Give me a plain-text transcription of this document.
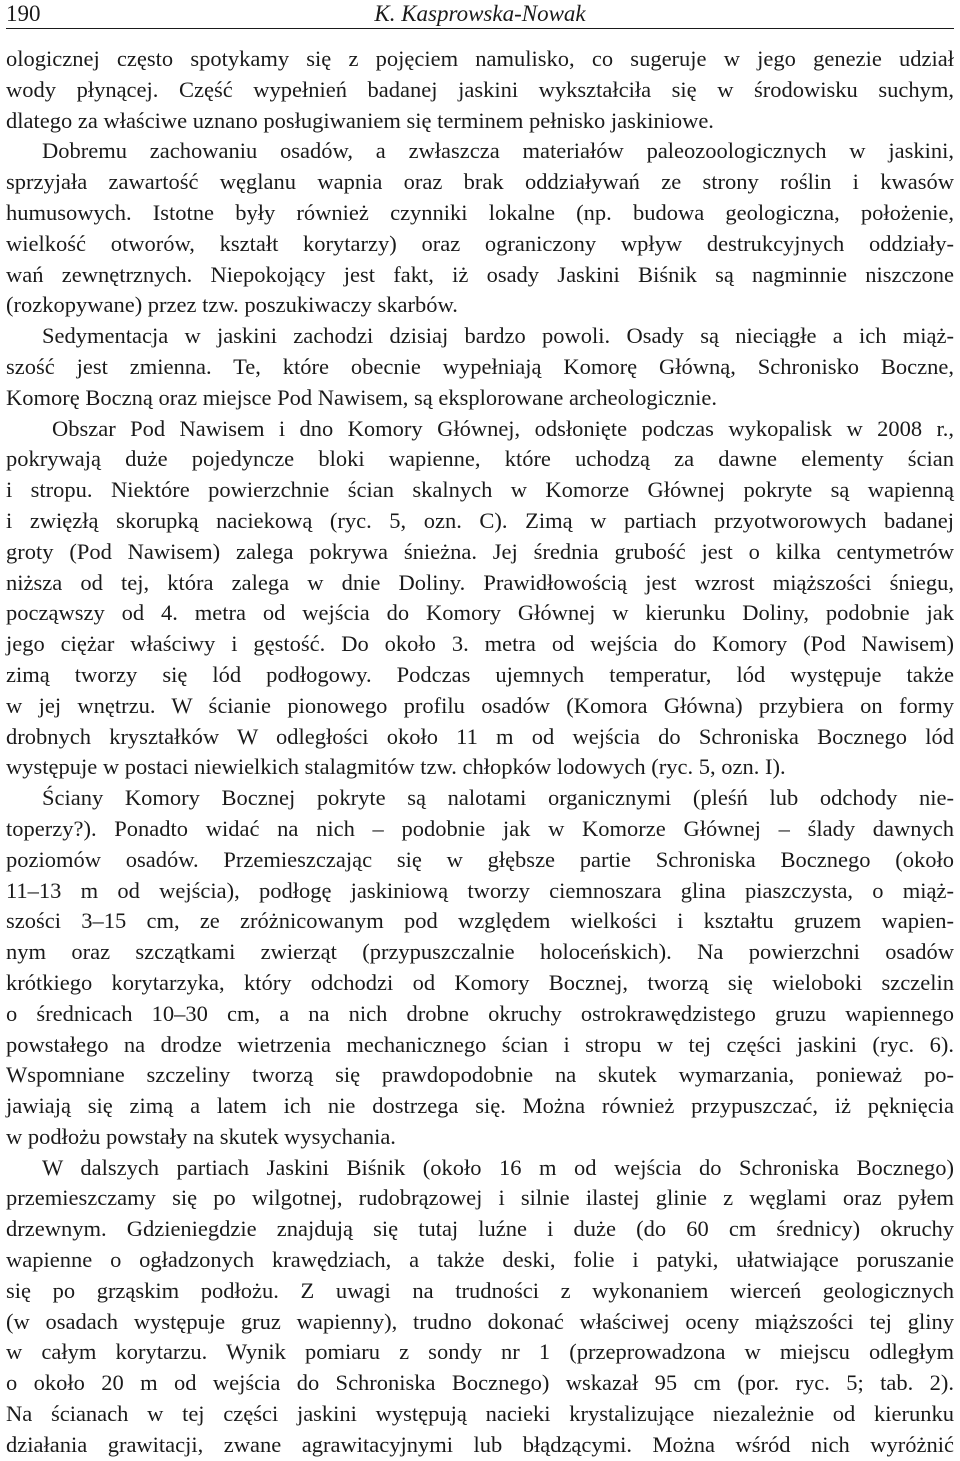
190	K. Kasprowska-Nowak
ologicznej często spotykamy się z pojęciem namulisko, co sugeruje w jego genezie udział
wody płynącej. Część wypełnień badanej jaskini wykształciła się w środowisku suchym,
dlatego za właściwe uznano posługiwaniem się terminem pełnisko jaskiniowe.
Dobremu zachowaniu osadów, a zwłaszcza materiałów paleozoologicznych w jaskini,
sprzyjała zawartość węglanu wapnia oraz brak oddziaływań ze strony roślin i kwasów
humusowych. Istotne były również czynniki lokalne (np. budowa geologiczna, położenie,
wielkość otworów, kształt korytarzy) oraz ograniczony wpływ destrukcyjnych oddziały-
wań zewnętrznych. Niepokojący jest fakt, iż osady Jaskini Biśnik są nagminnie niszczone
(rozkopywane) przez tzw. poszukiwaczy skarbów.
Sedymentacja w jaskini zachodzi dzisiaj bardzo powoli. Osady są nieciągłe a ich miąż-
szość jest zmienna. Te, które obecnie wypełniają Komorę Główną, Schronisko Boczne,
Komorę Boczną oraz miejsce Pod Nawisem, są eksplorowane archeologicznie.
Obszar Pod Nawisem i dno Komory Głównej, odsłonięte podczas wykopalisk w 2008 r.,
pokrywają duże pojedyncze bloki wapienne, które uchodzą za dawne elementy ścian
i stropu. Niektóre powierzchnie ścian skalnych w Komorze Głównej pokryte są wapienną
i zwięzłą skorupką naciekową (ryc. 5, ozn. C). Zimą w partiach przyotworowych badanej
groty (Pod Nawisem) zalega pokrywa śnieżna. Jej średnia grubość jest o kilka centymetrów
niższa od tej, która zalega w dnie Doliny. Prawidłowością jest wzrost miąższości śniegu,
począwszy od 4. metra od wejścia do Komory Głównej w kierunku Doliny, podobnie jak
jego ciężar właściwy i gęstość. Do około 3. metra od wejścia do Komory (Pod Nawisem)
zimą tworzy się lód podłogowy. Podczas ujemnych temperatur, lód występuje także
w jej wnętrzu. W ścianie pionowego profilu osadów (Komora Główna) przybiera on formy
drobnych kryształków W odległości około 11 m od wejścia do Schroniska Bocznego lód
występuje w postaci niewielkich stalagmitów tzw. chłopków lodowych (ryc. 5, ozn. I).
Ściany Komory Bocznej pokryte są nalotami organicznymi (pleśń lub odchody nie-
toperzy?). Ponadto widać na nich – podobnie jak w Komorze Głównej – ślady dawnych
poziomów osadów. Przemieszczając się w głębsze partie Schroniska Bocznego (około
11–13 m od wejścia), podłogę jaskiniową tworzy ciemnoszara glina piaszczysta, o miąż-
szości 3–15 cm, ze zróżnicowanym pod względem wielkości i kształtu gruzem wapien-
nym oraz szczątkami zwierząt (przypuszczalnie holoceńskich). Na powierzchni osadów
krótkiego korytarzyka, który odchodzi od Komory Bocznej, tworzą się wieloboki szczelin
o średnicach 10–30 cm, a na nich drobne okruchy ostrokrawędzistego gruzu wapiennego
powstałego na drodze wietrzenia mechanicznego ścian i stropu w tej części jaskini (ryc. 6).
Wspomniane szczeliny tworzą się prawdopodobnie na skutek wymarzania, ponieważ po-
jawiają się zimą a latem ich nie dostrzega się. Można również przypuszczać, iż pęknięcia
w podłożu powstały na skutek wysychania.
W dalszych partiach Jaskini Biśnik (około 16 m od wejścia do Schroniska Bocznego)
przemieszczamy się po wilgotnej, rudobrązowej i silnie ilastej glinie z węglami oraz pyłem
drzewnym. Gdzieniegdzie znajdują się tutaj luźne i duże (do 60 cm średnicy) okruchy
wapienne o ogładzonych krawędziach, a także deski, folie i patyki, ułatwiające poruszanie
się po grząskim podłożu. Z uwagi na trudności z wykonaniem wierceń geologicznych
(w osadach występuje gruz wapienny), trudno dokonać właściwej oceny miąższości tej gliny
w całym korytarzu. Wynik pomiaru z sondy nr 1 (przeprowadzona w miejscu odległym
o około 20 m od wejścia do Schroniska Bocznego) wskazał 95 cm (por. ryc. 5; tab. 2).
Na ścianach w tej części jaskini występują nacieki krystalizujące niezależnie od kierunku
działania grawitacji, zwane agrawitacyjnymi lub błądzącymi. Można wśród nich wyróżnić
